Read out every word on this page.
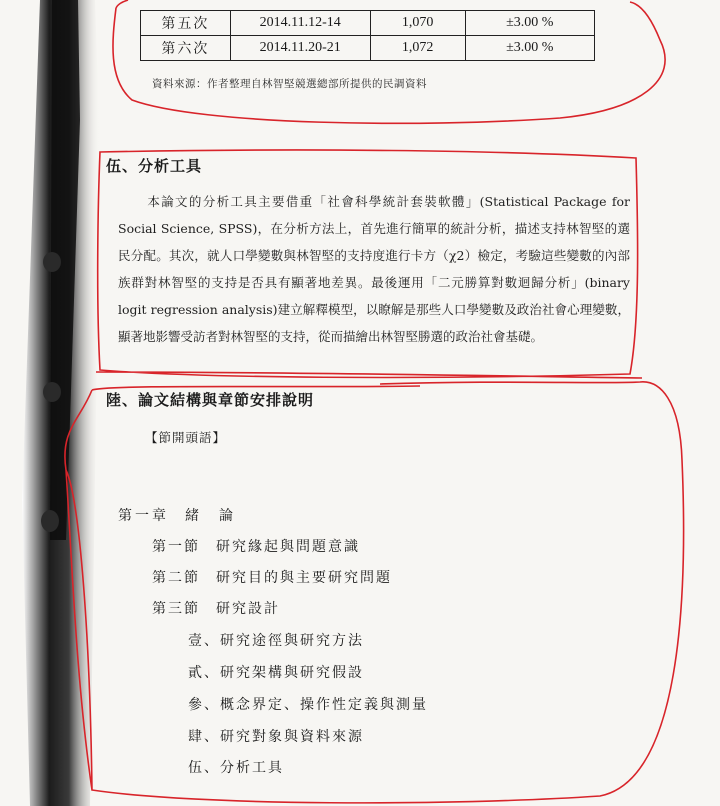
第五次	2014.11.12-14	1,070	±3.00 %
第六次	2014.11.20-21	1,072	±3.00 %
資料來源：作者整理自林智堅競選總部所提供的民調資料
伍、分析工具
本論文的分析工具主要借重「社會科學統計套裝軟體」(Statistical Package for Social Science, SPSS)，在分析方法上，首先進行簡單的統計分析，描述支持林智堅的選民分配。其次，就人口學變數與林智堅的支持度進行卡方（χ2）檢定，考驗這些變數的內部族群對林智堅的支持是否具有顯著地差異。最後運用「二元勝算對數迴歸分析」(binary logit regression analysis)建立解釋模型，以瞭解是那些人口學變數及政治社會心理變數，顯著地影響受訪者對林智堅的支持，從而描繪出林智堅勝選的政治社會基礎。
陸、論文結構與章節安排說明
【節開頭語】
第一章 緒　論
第一節 研究緣起與問題意識
第二節 研究目的與主要研究問題
第三節 研究設計
壹、研究途徑與研究方法
貳、研究架構與研究假設
參、概念界定、操作性定義與測量
肆、研究對象與資料來源
伍、分析工具
